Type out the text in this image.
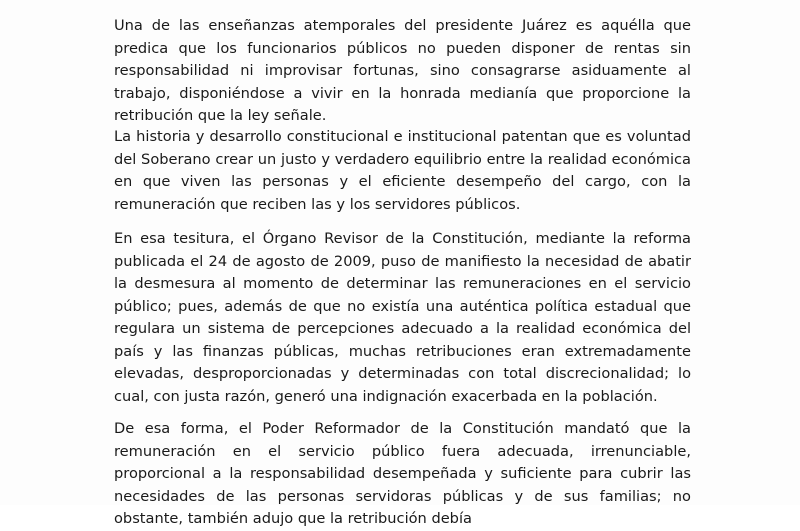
Una de las enseñanzas atemporales del presidente Juárez es aquélla que predica que los funcionarios públicos no pueden disponer de rentas sin responsabilidad ni improvisar fortunas, sino consagrarse asiduamente al trabajo, disponiéndose a vivir en la honrada medianía que proporcione la retribución que la ley señale.

La historia y desarrollo constitucional e institucional patentan que es voluntad del Soberano crear un justo y verdadero equilibrio entre la realidad económica en que viven las personas y el eficiente desempeño del cargo, con la remuneración que reciben las y los servidores públicos.

En esa tesitura, el Órgano Revisor de la Constitución, mediante la reforma publicada el 24 de agosto de 2009, puso de manifiesto la necesidad de abatir la desmesura al momento de determinar las remuneraciones en el servicio público; pues, además de que no existía una auténtica política estadual que regulara un sistema de percepciones adecuado a la realidad económica del país y las finanzas públicas, muchas retribuciones eran extremadamente elevadas, desproporcionadas y determinadas con total discrecionalidad; lo cual, con justa razón, generó una indignación exacerbada en la población.

De esa forma, el Poder Reformador de la Constitución mandató que la remuneración en el servicio público fuera adecuada, irrenunciable, proporcional a la responsabilidad desempeñada y suficiente para cubrir las necesidades de las personas servidoras públicas y de sus familias; no obstante, también adujo que la retribución debía
